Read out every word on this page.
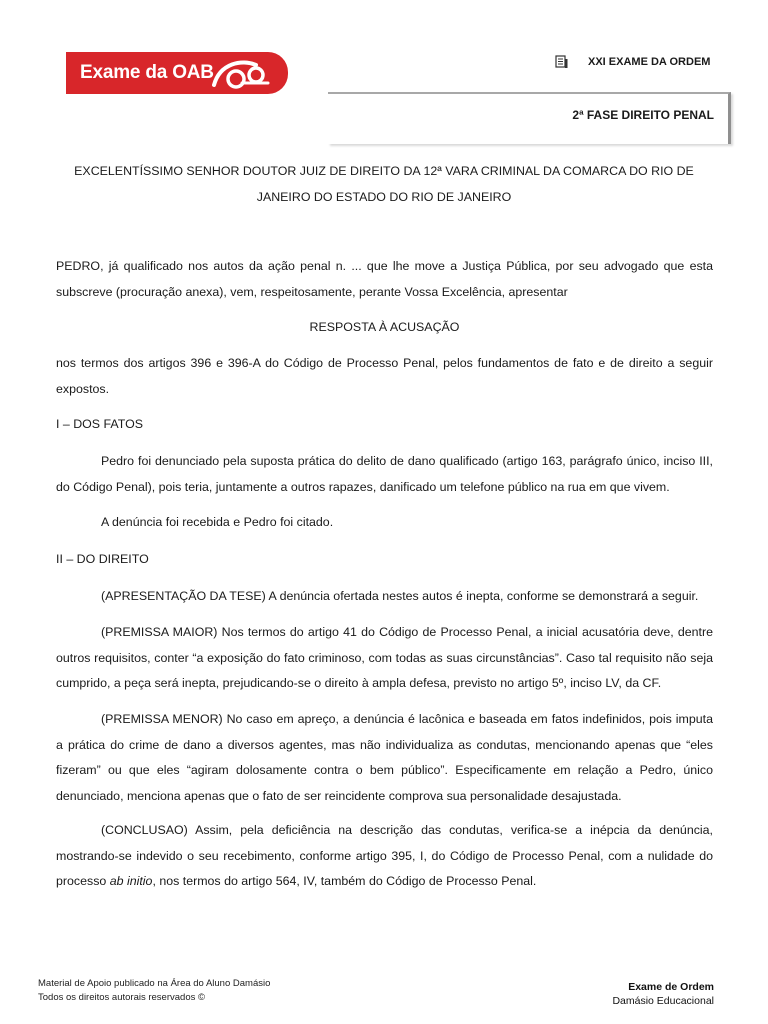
Exame da OAB	XXI EXAME DA ORDEM
2ª FASE DIREITO PENAL
EXCELENTÍSSIMO SENHOR DOUTOR JUIZ DE DIREITO DA 12ª VARA CRIMINAL DA COMARCA DO RIO DE JANEIRO DO ESTADO DO RIO DE JANEIRO
PEDRO, já qualificado nos autos da ação penal n. ... que lhe move a Justiça Pública, por seu advogado que esta subscreve (procuração anexa), vem, respeitosamente, perante Vossa Excelência, apresentar
RESPOSTA À ACUSAÇÃO
nos termos dos artigos 396 e 396-A do Código de Processo Penal, pelos fundamentos de fato e de direito a seguir expostos.
I – DOS FATOS
Pedro foi denunciado pela suposta prática do delito de dano qualificado (artigo 163, parágrafo único, inciso III, do Código Penal), pois teria, juntamente a outros rapazes, danificado um telefone público na rua em que vivem.
A denúncia foi recebida e Pedro foi citado.
II – DO DIREITO
(APRESENTAÇÃO DA TESE) A denúncia ofertada nestes autos é inepta, conforme se demonstrará a seguir.
(PREMISSA MAIOR) Nos termos do artigo 41 do Código de Processo Penal, a inicial acusatória deve, dentre outros requisitos, conter “a exposição do fato criminoso, com todas as suas circunstâncias”. Caso tal requisito não seja cumprido, a peça será inepta, prejudicando-se o direito à ampla defesa, previsto no artigo 5º, inciso LV, da CF.
(PREMISSA MENOR) No caso em apreço, a denúncia é lacônica e baseada em fatos indefinidos, pois imputa a prática do crime de dano a diversos agentes, mas não individualiza as condutas, mencionando apenas que “eles fizeram” ou que eles “agiram dolosamente contra o bem público”. Especificamente em relação a Pedro, único denunciado, menciona apenas que o fato de ser reincidente comprova sua personalidade desajustada.
(CONCLUSAO) Assim, pela deficiência na descrição das condutas, verifica-se a inépcia da denúncia, mostrando-se indevido o seu recebimento, conforme artigo 395, I, do Código de Processo Penal, com a nulidade do processo ab initio, nos termos do artigo 564, IV, também do Código de Processo Penal.
Material de Apoio publicado na Área do Aluno Damásio
Todos os direitos autorais reservados ©
Exame de Ordem
Damásio Educacional
